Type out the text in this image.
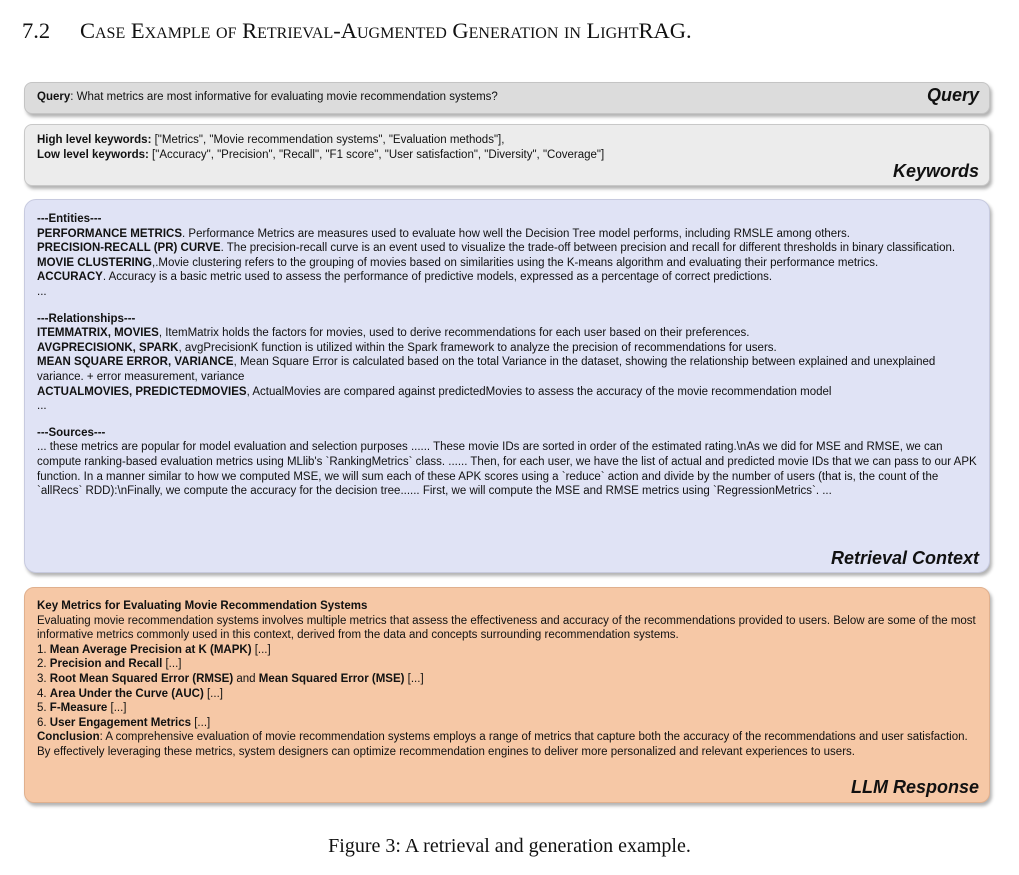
7.2 Case Example of Retrieval-Augmented Generation in LightRAG.

Query: What metrics are most informative for evaluating movie recommendation systems?	Query

High level keywords: ["Metrics", "Movie recommendation systems", "Evaluation methods"],

Low level keywords: ["Accuracy", "Precision", "Recall", "F1 score", "User satisfaction", "Diversity", "Coverage"]

Keywords

---Entities---

PERFORMANCE METRICS. Performance Metrics are measures used to evaluate how well the Decision Tree model performs, including RMSLE among others.

PRECISION-RECALL (PR) CURVE. The precision-recall curve is an event used to visualize the trade-off between precision and recall for different thresholds in binary classification.

MOVIE CLUSTERING,.Movie clustering refers to the grouping of movies based on similarities using the K-means algorithm and evaluating their performance metrics.

ACCURACY. Accuracy is a basic metric used to assess the performance of predictive models, expressed as a percentage of correct predictions.

...

---Relationships---

ITEMMATRIX, MOVIES, ItemMatrix holds the factors for movies, used to derive recommendations for each user based on their preferences.

AVGPRECISIONK, SPARK, avgPrecisionK function is utilized within the Spark framework to analyze the precision of recommendations for users.

MEAN SQUARE ERROR, VARIANCE, Mean Square Error is calculated based on the total Variance in the dataset, showing the relationship between explained and unexplained variance. + error measurement, variance

ACTUALMOVIES, PREDICTEDMOVIES, ActualMovies are compared against predictedMovies to assess the accuracy of the movie recommendation model

...

---Sources---

... these metrics are popular for model evaluation and selection purposes ...... These movie IDs are sorted in order of the estimated rating.\nAs we did for MSE and RMSE, we can compute ranking-based evaluation metrics using MLlib's `RankingMetrics` class. ...... Then, for each user, we have the list of actual and predicted movie IDs that we can pass to our APK function. In a manner similar to how we computed MSE, we will sum each of these APK scores using a `reduce` action and divide by the number of users (that is, the count of the `allRecs` RDD):\nFinally, we compute the accuracy for the decision tree...... First, we will compute the MSE and RMSE metrics using `RegressionMetrics`. ...

Retrieval Context

Key Metrics for Evaluating Movie Recommendation Systems

Evaluating movie recommendation systems involves multiple metrics that assess the effectiveness and accuracy of the recommendations provided to users. Below are some of the most informative metrics commonly used in this context, derived from the data and concepts surrounding recommendation systems.

1. Mean Average Precision at K (MAPK) [...]

2. Precision and Recall [...]

3. Root Mean Squared Error (RMSE) and Mean Squared Error (MSE) [...]

4. Area Under the Curve (AUC) [...]

5. F-Measure [...]

6. User Engagement Metrics [...]

Conclusion: A comprehensive evaluation of movie recommendation systems employs a range of metrics that capture both the accuracy of the recommendations and user satisfaction. By effectively leveraging these metrics, system designers can optimize recommendation engines to deliver more personalized and relevant experiences to users.

LLM Response
Figure 3: A retrieval and generation example.
